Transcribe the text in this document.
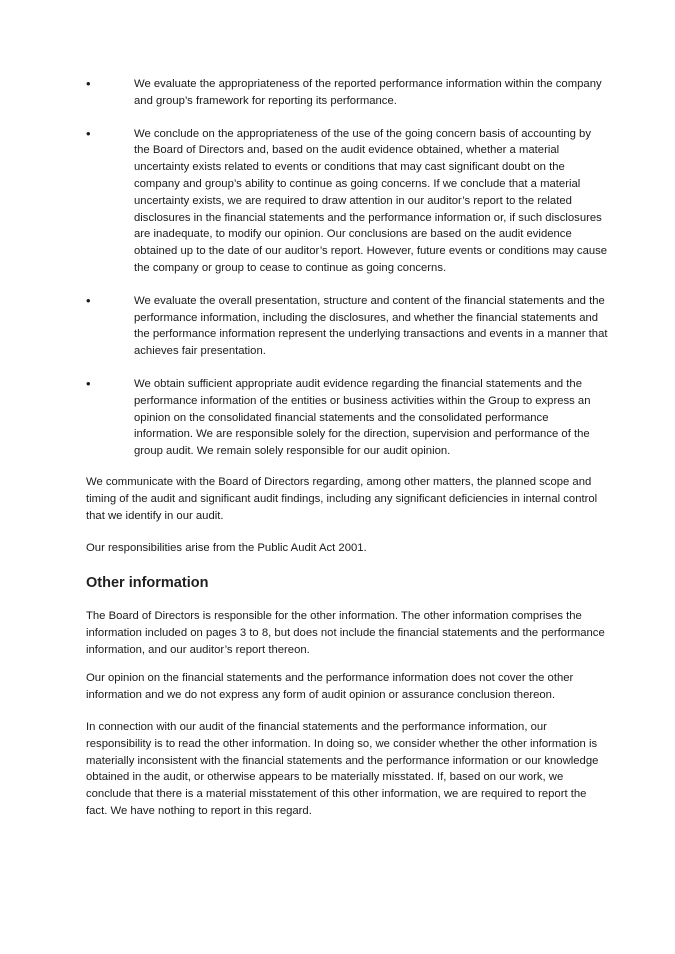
•	We evaluate the appropriateness of the reported performance information within the company and group’s framework for reporting its performance.

•	We conclude on the appropriateness of the use of the going concern basis of accounting by the Board of Directors and, based on the audit evidence obtained, whether a material uncertainty exists related to events or conditions that may cast significant doubt on the company and group’s ability to continue as going concerns. If we conclude that a material uncertainty exists, we are required to draw attention in our auditor’s report to the related disclosures in the financial statements and the performance information or, if such disclosures are inadequate, to modify our opinion. Our conclusions are based on the audit evidence obtained up to the date of our auditor’s report. However, future events or conditions may cause the company or group to cease to continue as going concerns.

•	We evaluate the overall presentation, structure and content of the financial statements and the performance information, including the disclosures, and whether the financial statements and the performance information represent the underlying transactions and events in a manner that achieves fair presentation.

•	We obtain sufficient appropriate audit evidence regarding the financial statements and the performance information of the entities or business activities within the Group to express an opinion on the consolidated financial statements and the consolidated performance information. We are responsible solely for the direction, supervision and performance of the group audit. We remain solely responsible for our audit opinion.

We communicate with the Board of Directors regarding, among other matters, the planned scope and timing of the audit and significant audit findings, including any significant deficiencies in internal control that we identify in our audit.

Our responsibilities arise from the Public Audit Act 2001.

Other information

The Board of Directors is responsible for the other information. The other information comprises the information included on pages 3 to 8, but does not include the financial statements and the performance information, and our auditor’s report thereon.

Our opinion on the financial statements and the performance information does not cover the other information and we do not express any form of audit opinion or assurance conclusion thereon.

In connection with our audit of the financial statements and the performance information, our responsibility is to read the other information. In doing so, we consider whether the other information is materially inconsistent with the financial statements and the performance information or our knowledge obtained in the audit, or otherwise appears to be materially misstated. If, based on our work, we conclude that there is a material misstatement of this other information, we are required to report the fact. We have nothing to report in this regard.
